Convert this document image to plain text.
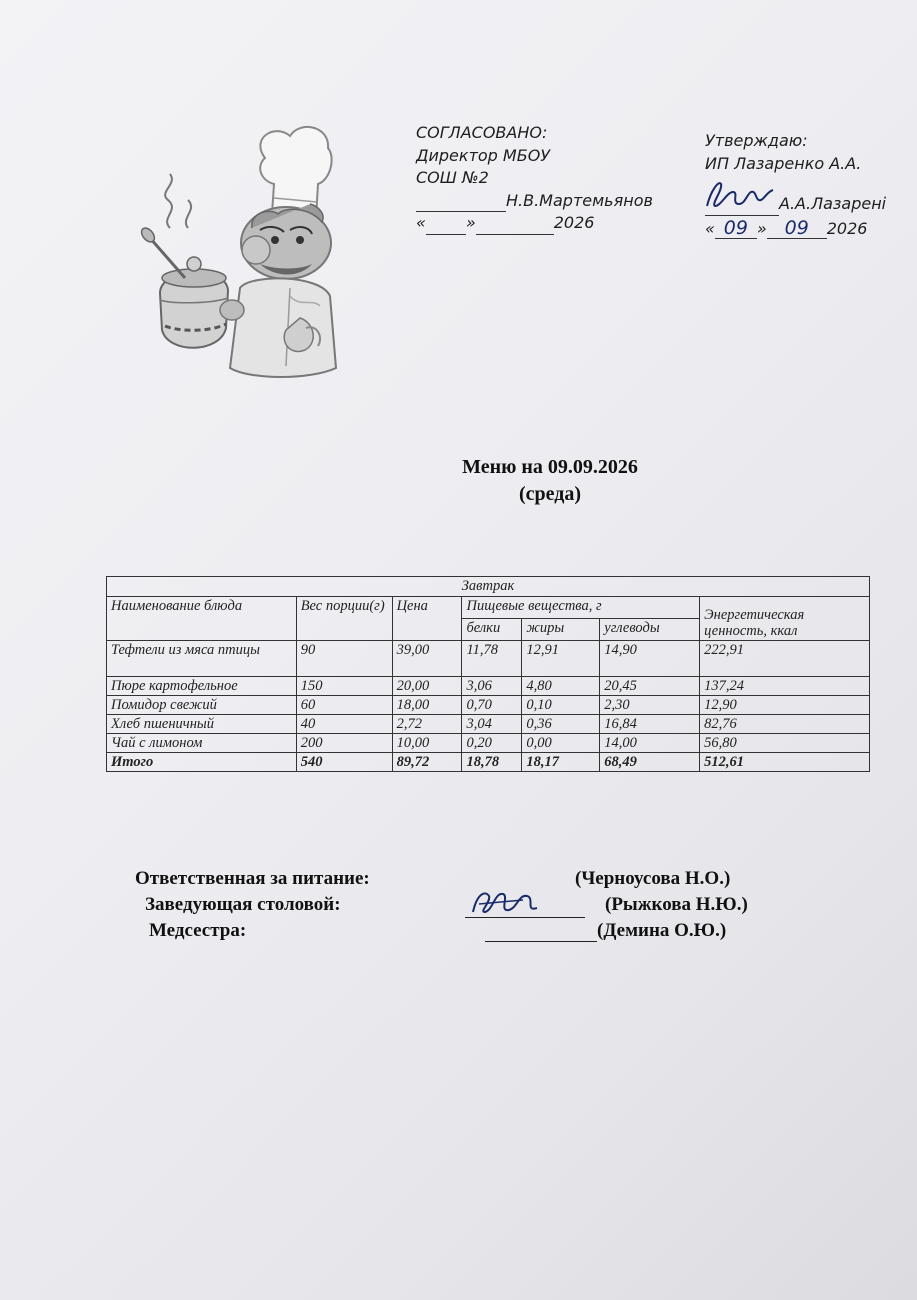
СОГЛАСОВАНО:
Директор МБОУ
СОШ №2
Н.В.Мартемьянов
«	»	2026
Утверждаю:
ИП Лазаренко А.А.
А.А.Лазарені
« 09 » 09 2026
Меню на 09.09.2026
(среда)
Завтрак						
Наименование блюда	Вес порции(г)	Цена	Пищевые вещества, г			Энергетическая ценность, ккал
			белки	жиры	углеводы	
Тефтели из мяса птицы	90	39,00	11,78	12,91	14,90	222,91
Пюре картофельное	150	20,00	3,06	4,80	20,45	137,24
Помидор свежий	60	18,00	0,70	0,10	2,30	12,90
Хлеб пшеничный	40	2,72	3,04	0,36	16,84	82,76
Чай с лимоном	200	10,00	0,20	0,00	14,00	56,80
Итого	540	89,72	18,78	18,17	68,49	512,61
Ответственная за питание:	(Черноусова Н.О.)
Заведующая столовой:	(Рыжкова Н.Ю.)
Медсестра:	(Демина О.Ю.)
